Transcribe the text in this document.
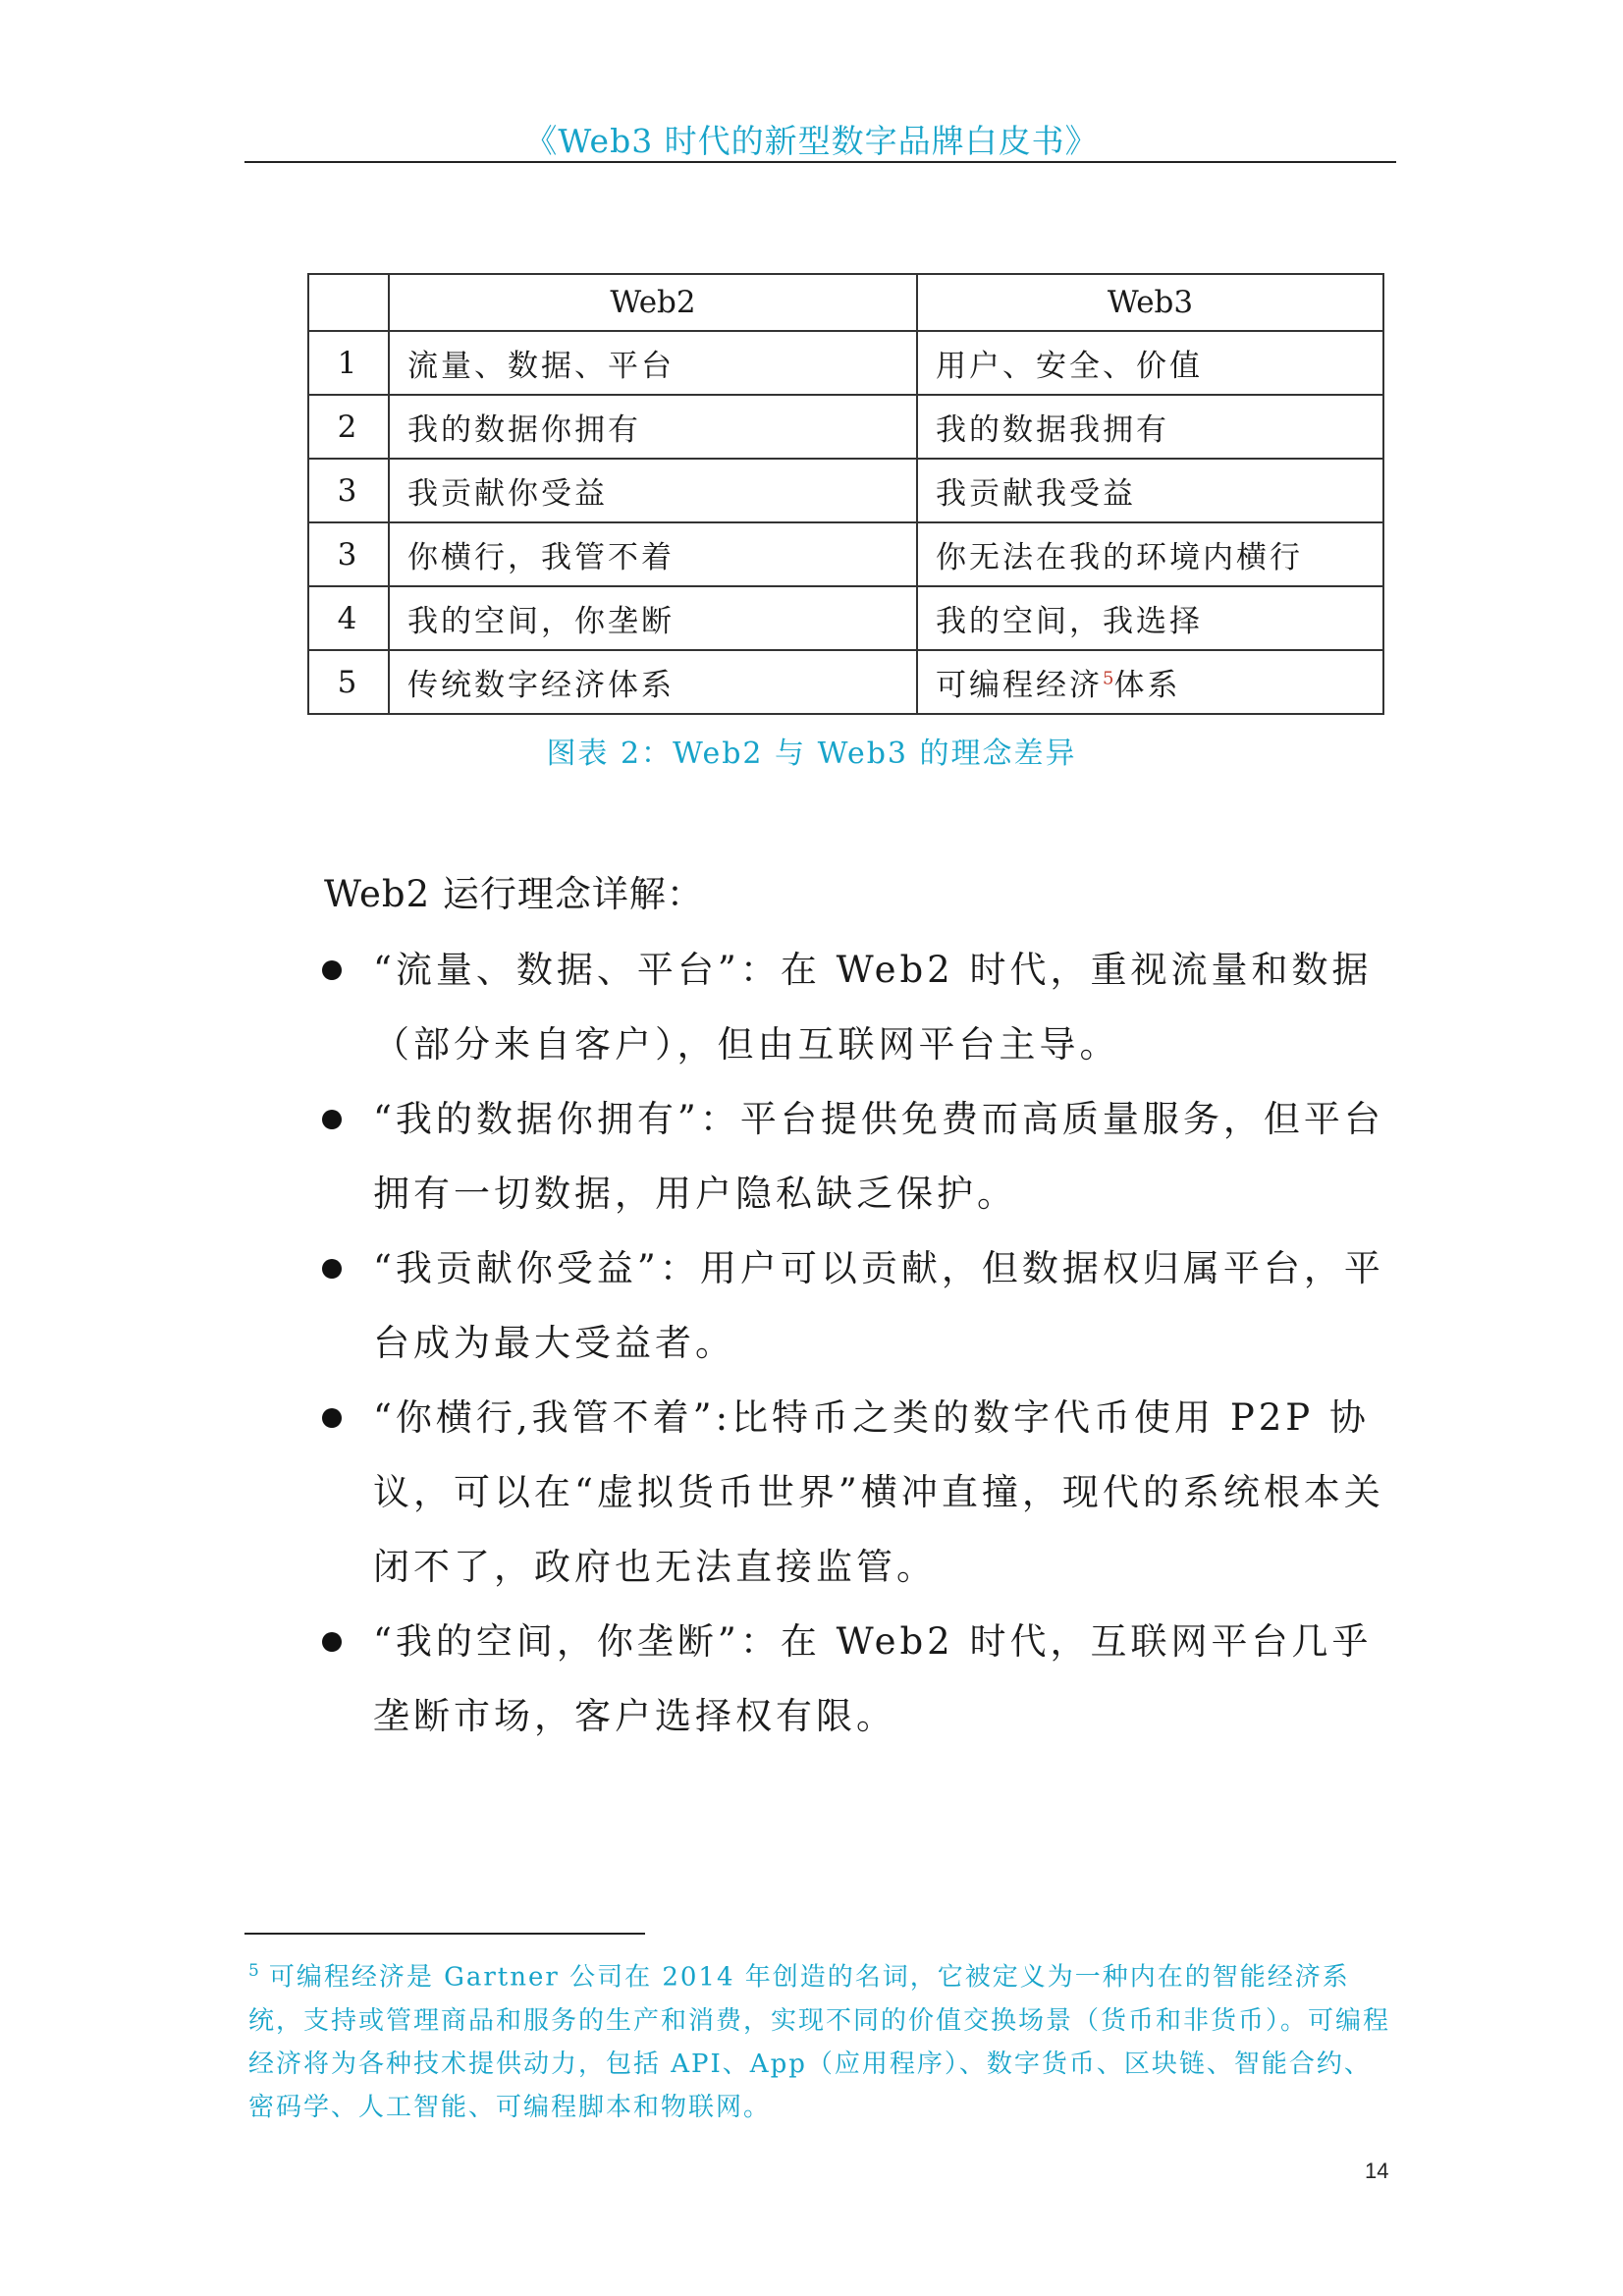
《Web3 时代的新型数字品牌白皮书》
	Web2	Web3
1	流量、数据、平台	用户、安全、价值
2	我的数据你拥有	我的数据我拥有
3	我贡献你受益	我贡献我受益
3	你横行，我管不着	你无法在我的环境内横行
4	我的空间，你垄断	我的空间，我选择
5	传统数字经济体系	可编程经济$^5$体系
图表 2：Web2 与 Web3 的理念差异
Web2 运行理念详解：
“流量、数据、平台”：在 Web2 时代，重视流量和数据（部分来自客户），但由互联网平台主导。
“我的数据你拥有”：平台提供免费而高质量服务，但平台拥有一切数据，用户隐私缺乏保护。
“我贡献你受益”：用户可以贡献，但数据权归属平台，平台成为最大受益者。
“你横行,我管不着”:比特币之类的数字代币使用 P2P 协议，可以在“虚拟货币世界”横冲直撞，现代的系统根本关闭不了，政府也无法直接监管。
“我的空间，你垄断”：在 Web2 时代，互联网平台几乎垄断市场，客户选择权有限。
$^5$ 可编程经济是 Gartner 公司在 2014 年创造的名词，它被定义为一种内在的智能经济系统，支持或管理商品和服务的生产和消费，实现不同的价值交换场景（货币和非货币）。可编程经济将为各种技术提供动力，包括 API、App（应用程序）、数字货币、区块链、智能合约、密码学、人工智能、可编程脚本和物联网。
14
